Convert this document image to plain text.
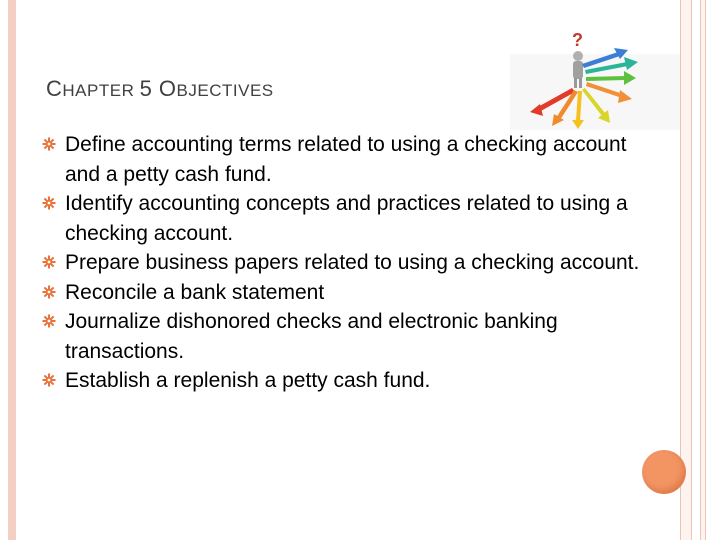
CHAPTER 5 OBJECTIVES
?
Define accounting terms related to using a checking account and a petty cash fund.
Identify accounting concepts and practices related to using a checking account.
Prepare business papers related to using a checking account.
Reconcile a bank statement
Journalize dishonored checks and electronic banking transactions.
Establish a replenish a petty cash fund.
